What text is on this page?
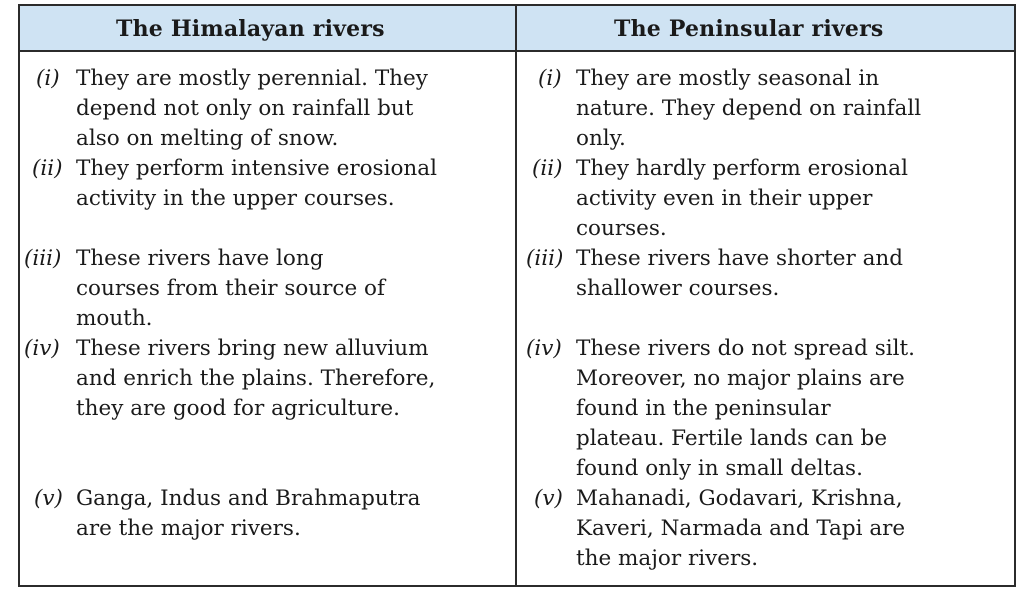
The Himalayan rivers	The Peninsular rivers
(i) They are mostly perennial. They
depend not only on rainfall but
also on melting of snow.
(i) They are mostly seasonal in
nature. They depend on rainfall
only.
(ii) They perform intensive erosional
activity in the upper courses.
(ii) They hardly perform erosional
activity even in their upper
courses.
(iii) These rivers have long
courses from their source of
mouth.
(iii) These rivers have shorter and
shallower courses.
(iv) These rivers bring new alluvium
and enrich the plains. Therefore,
they are good for agriculture.
(iv) These rivers do not spread silt.
Moreover, no major plains are
found in the peninsular
plateau. Fertile lands can be
found only in small deltas.
(v) Ganga, Indus and Brahmaputra
are the major rivers.
(v) Mahanadi, Godavari, Krishna,
Kaveri, Narmada and Tapi are
the major rivers.
